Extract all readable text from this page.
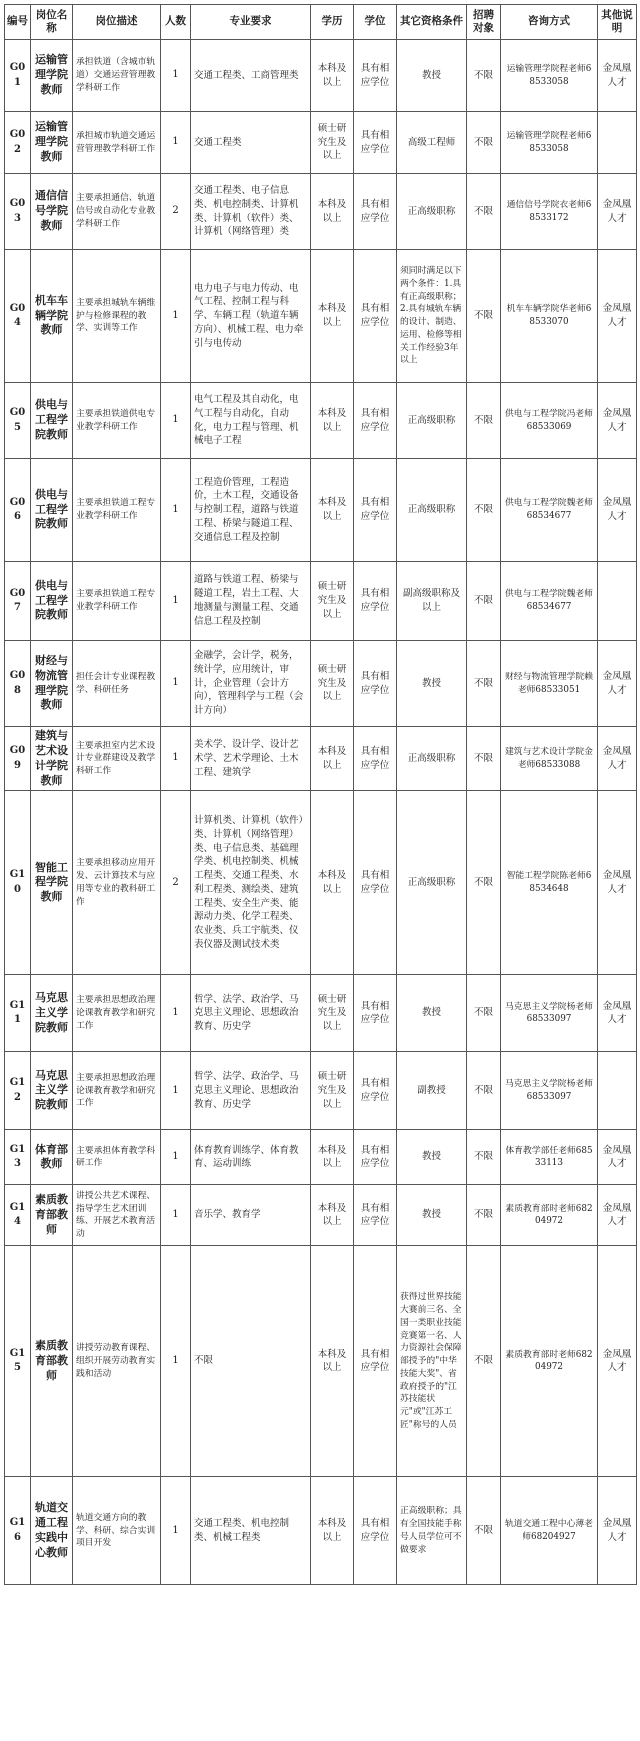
编号	岗位名称	岗位描述	人数	专业要求	学历	学位	其它资格条件	招聘对象	咨询方式	其他说明
G01	运输管理学院教师	承担铁道（含城市轨道）交通运营管理教学科研工作	1	交通工程类、工商管理类	本科及以上	具有相应学位	教授	不限	运输管理学院程老师68533058	金凤凰人才
G02	运输管理学院教师	承担城市轨道交通运营管理教学科研工作	1	交通工程类	硕士研究生及以上	具有相应学位	高级工程师	不限	运输管理学院程老师68533058	
G03	通信信号学院教师	主要承担通信、轨道信号或自动化专业教学科研工作	2	交通工程类、电子信息类、机电控制类、计算机类、计算机（软件）类、计算机（网络管理）类	本科及以上	具有相应学位	正高级职称	不限	通信信号学院衣老师68533172	金凤凰人才
G04	机车车辆学院教师	主要承担城轨车辆维护与检修课程的教学、实训等工作	1	电力电子与电力传动、电气工程、控制工程与科学、车辆工程（轨道车辆方向）、机械工程、电力牵引与电传动	本科及以上	具有相应学位	须同时满足以下两个条件：1.具有正高级职称；2.具有城轨车辆的设计、制造、运用、检修等相关工作经验3年以上	不限	机车车辆学院华老师68533070	金凤凰人才
G05	供电与工程学院教师	主要承担铁道供电专业教学科研工作	1	电气工程及其自动化，电气工程与自动化，自动化，电力工程与管理、机械电子工程	本科及以上	具有相应学位	正高级职称	不限	供电与工程学院冯老师68533069	金凤凰人才
G06	供电与工程学院教师	主要承担铁道工程专业教学科研工作	1	工程造价管理，工程造价，土木工程，交通设备与控制工程，道路与铁道工程、桥梁与隧道工程、交通信息工程及控制	本科及以上	具有相应学位	正高级职称	不限	供电与工程学院魏老师68534677	金凤凰人才
G07	供电与工程学院教师	主要承担铁道工程专业教学科研工作	1	道路与铁道工程、桥梁与隧道工程，岩土工程、大地测量与测量工程、交通信息工程及控制	硕士研究生及以上	具有相应学位	副高级职称及以上	不限	供电与工程学院魏老师68534677	
G08	财经与物流管理学院教师	担任会计专业课程教学、科研任务	1	金融学，会计学，税务，统计学，应用统计，审计，企业管理（会计方向），管理科学与工程（会计方向）	硕士研究生及以上	具有相应学位	教授	不限	财经与物流管理学院赖老师68533051	金凤凰人才
G09	建筑与艺术设计学院教师	主要承担室内艺术设计专业群建设及教学科研工作	1	美术学、设计学、设计艺术学、艺术学理论、土木工程、建筑学	本科及以上	具有相应学位	正高级职称	不限	建筑与艺术设计学院金老师68533088	金凤凰人才
G10	智能工程学院教师	主要承担移动应用开发、云计算技术与应用等专业的教科研工作	2	计算机类、计算机（软件）类、计算机（网络管理）类、电子信息类、基础理学类、机电控制类、机械工程类、交通工程类、水利工程类、测绘类、建筑工程类、安全生产类、能源动力类、化学工程类、农业类、兵工宇航类、仪表仪器及测试技术类	本科及以上	具有相应学位	正高级职称	不限	智能工程学院陈老师68534648	金凤凰人才
G11	马克思主义学院教师	主要承担思想政治理论课教育教学和研究工作	1	哲学、法学、政治学、马克思主义理论、思想政治教育、历史学	硕士研究生及以上	具有相应学位	教授	不限	马克思主义学院杨老师68533097	金凤凰人才
G12	马克思主义学院教师	主要承担思想政治理论课教育教学和研究工作	1	哲学、法学、政治学、马克思主义理论、思想政治教育、历史学	硕士研究生及以上	具有相应学位	副教授	不限	马克思主义学院杨老师68533097	
G13	体育部教师	主要承担体育教学科研工作	1	体育教育训练学、体育教育、运动训练	本科及以上	具有相应学位	教授	不限	体育教学部任老师68533113	金凤凰人才
G14	素质教育部教师	讲授公共艺术课程、指导学生艺术团训练、开展艺术教育活动	1	音乐学、教育学	本科及以上	具有相应学位	教授	不限	素质教育部时老师68204972	金凤凰人才
G15	素质教育部教师	讲授劳动教育课程、组织开展劳动教育实践和活动	1	不限	本科及以上	具有相应学位	获得过世界技能大赛前三名、全国一类职业技能竞赛第一名、人力资源社会保障部授予的"中华技能大奖"、省政府授予的"江苏技能状元"或"江苏工匠"称号的人员	不限	素质教育部时老师68204972	金凤凰人才
G16	轨道交通工程实践中心教师	轨道交通方向的教学、科研、综合实训项目开发	1	交通工程类、机电控制类、机械工程类	本科及以上	具有相应学位	正高级职称；具有全国技能手称号人员学位可不做要求	不限	轨道交通工程中心薄老师68204927	金凤凰人才
